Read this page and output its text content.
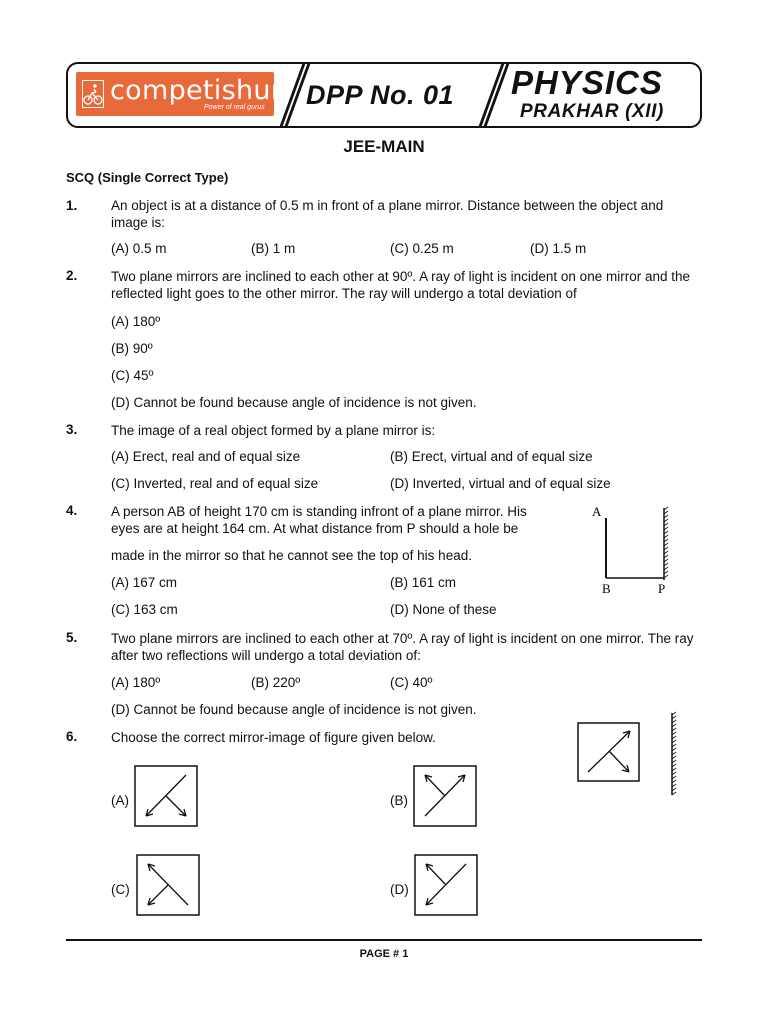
competishun
Power of real gurus DPP No. 01 PHYSICS
PRAKHAR (XII)
JEE-MAIN
SCQ (Single Correct Type)
1. An object is at a distance of 0.5 m in front of a plane mirror. Distance between the object and image is:
(A) 0.5 m	(B) 1 m	(C) 0.25 m	(D) 1.5 m
2. Two plane mirrors are inclined to each other at 90º. A ray of light is incident on one mirror and the reflected light goes to the other mirror. The ray will undergo a total deviation of
(A) 180º
(B) 90º
(C) 45º
(D) Cannot be found because angle of incidence is not given.
3. The image of a real object formed by a plane mirror is:
(A) Erect, real and of equal size	(B) Erect, virtual and of equal size
(C) Inverted, real and of equal size	(D) Inverted, virtual and of equal size
4. A person AB of height 170 cm is standing infront of a plane mirror. His
eyes are at height 164 cm. At what distance from P should a hole be
made in the mirror so that he cannot see the top of his head.
(A) 167 cm	(B) 161 cm
(C) 163 cm	(D) None of these
A
B	P
5. Two plane mirrors are inclined to each other at 70º. A ray of light is incident on one mirror. The ray after two reflections will undergo a total deviation of:
(A) 180º	(B) 220º	(C) 40º
(D) Cannot be found because angle of incidence is not given.
6. Choose the correct mirror-image of figure given below.
(A)	(B)
(C)	(D)
PAGE # 1
